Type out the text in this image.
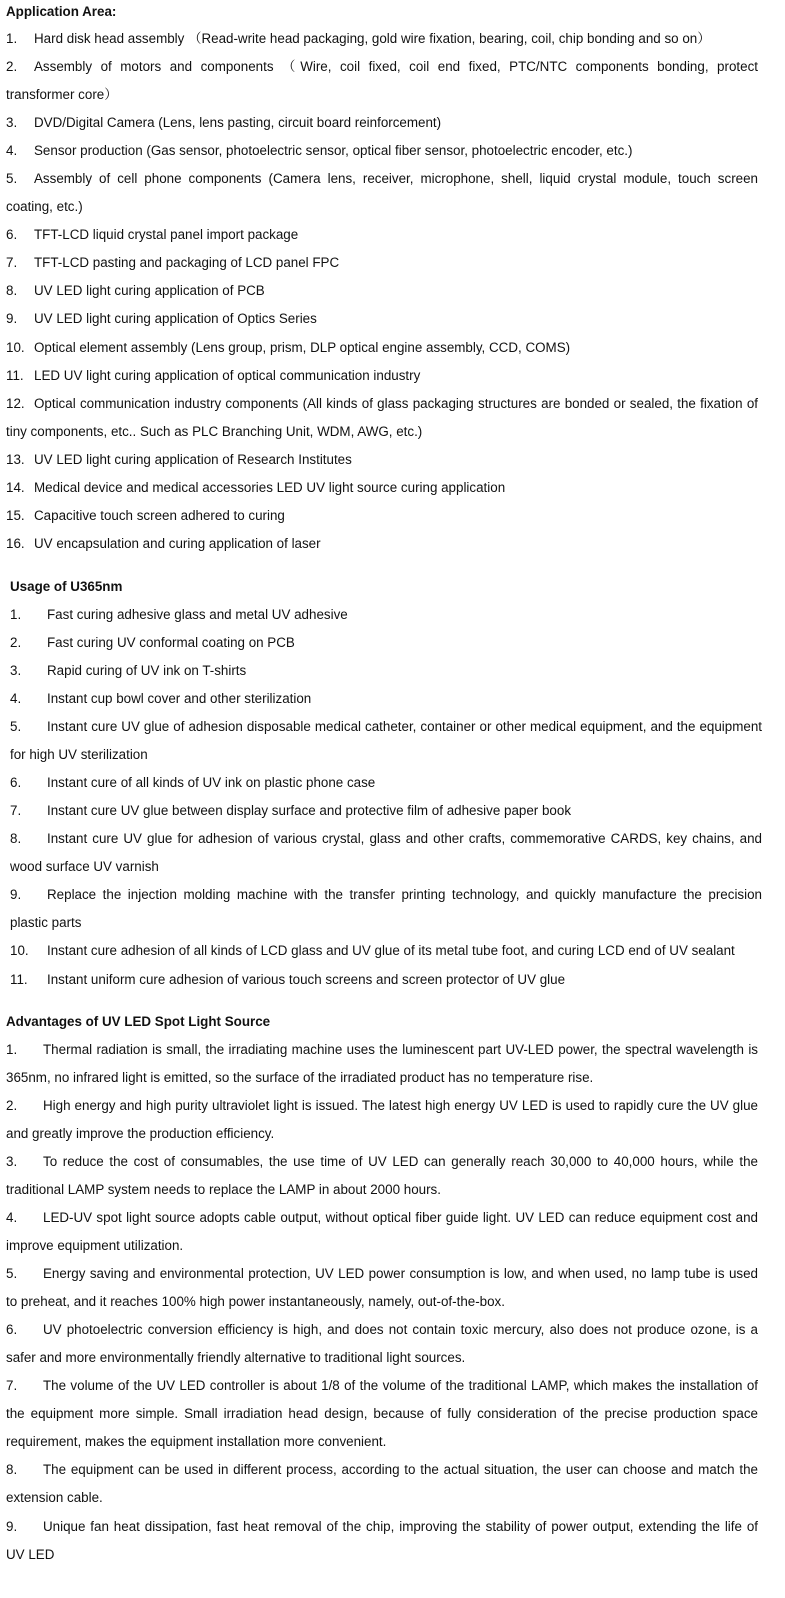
Application Area:
1. Hard disk head assembly （Read-write head packaging, gold wire fixation, bearing, coil, chip bonding and so on）
2. Assembly of motors and components （Wire, coil fixed, coil end fixed, PTC/NTC components bonding, protect transformer core）
3. DVD/Digital Camera (Lens, lens pasting, circuit board reinforcement)
4. Sensor production (Gas sensor, photoelectric sensor, optical fiber sensor, photoelectric encoder, etc.)
5. Assembly of cell phone components (Camera lens, receiver, microphone, shell, liquid crystal module, touch screen coating, etc.)
6. TFT-LCD liquid crystal panel import package
7. TFT-LCD pasting and packaging of LCD panel FPC
8. UV LED light curing application of PCB
9. UV LED light curing application of Optics Series
10. Optical element assembly (Lens group, prism, DLP optical engine assembly, CCD, COMS)
11. LED UV light curing application of optical communication industry
12. Optical communication industry components (All kinds of glass packaging structures are bonded or sealed, the fixation of tiny components, etc.. Such as PLC Branching Unit, WDM, AWG, etc.)
13. UV LED light curing application of Research Institutes
14. Medical device and medical accessories LED UV light source curing application
15. Capacitive touch screen adhered to curing
16. UV encapsulation and curing application of laser
Usage of U365nm
1. Fast curing adhesive glass and metal UV adhesive
2. Fast curing UV conformal coating on PCB
3. Rapid curing of UV ink on T-shirts
4. Instant cup bowl cover and other sterilization
5. Instant cure UV glue of adhesion disposable medical catheter, container or other medical equipment, and the equipment for high UV sterilization
6. Instant cure of all kinds of UV ink on plastic phone case
7. Instant cure UV glue between display surface and protective film of adhesive paper book
8. Instant cure UV glue for adhesion of various crystal, glass and other crafts, commemorative CARDS, key chains, and wood surface UV varnish
9. Replace the injection molding machine with the transfer printing technology, and quickly manufacture the precision plastic parts
10. Instant cure adhesion of all kinds of LCD glass and UV glue of its metal tube foot, and curing LCD end of UV sealant
11. Instant uniform cure adhesion of various touch screens and screen protector of UV glue
Advantages of UV LED Spot Light Source
1. Thermal radiation is small, the irradiating machine uses the luminescent part UV-LED power, the spectral wavelength is 365nm, no infrared light is emitted, so the surface of the irradiated product has no temperature rise.
2. High energy and high purity ultraviolet light is issued. The latest high energy UV LED is used to rapidly cure the UV glue and greatly improve the production efficiency.
3. To reduce the cost of consumables, the use time of UV LED can generally reach 30,000 to 40,000 hours, while the traditional LAMP system needs to replace the LAMP in about 2000 hours.
4. LED-UV spot light source adopts cable output, without optical fiber guide light. UV LED can reduce equipment cost and improve equipment utilization.
5. Energy saving and environmental protection, UV LED power consumption is low, and when used, no lamp tube is used to preheat, and it reaches 100% high power instantaneously, namely, out-of-the-box.
6. UV photoelectric conversion efficiency is high, and does not contain toxic mercury, also does not produce ozone, is a safer and more environmentally friendly alternative to traditional light sources.
7. The volume of the UV LED controller is about 1/8 of the volume of the traditional LAMP, which makes the installation of the equipment more simple. Small irradiation head design, because of fully consideration of the precise production space requirement, makes the equipment installation more convenient.
8. The equipment can be used in different process, according to the actual situation, the user can choose and match the extension cable.
9. Unique fan heat dissipation, fast heat removal of the chip, improving the stability of power output, extending the life of UV LED
